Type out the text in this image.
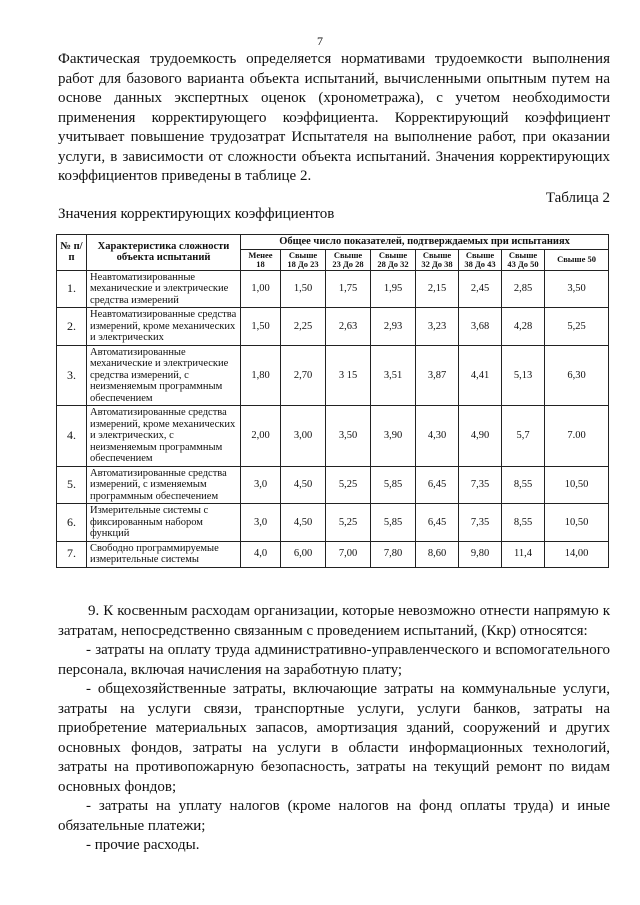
7

Фактическая трудоемкость определяется нормативами трудоемкости выполнения работ для базового варианта объекта испытаний, вычисленными опытным путем на основе данных экспертных оценок (хронометража), с учетом необходимости применения корректирующего коэффициента. Корректирующий коэффициент учитывает повышение трудозатрат Испытателя на выполнение работ, при оказании услуги, в зависимости от сложности объекта испытаний. Значения корректирующих коэффициентов приведены в таблице 2.

Таблица 2
Значения корректирующих коэффициентов
№ п/п	Характеристика сложности объекта испытаний	Общее число показателей, подтверждаемых при испытаниях							
		Менее 18	Свыше 18 До 23	Свыше 23 До 28	Свыше 28 До 32	Свыше 32 До 38	Свыше 38 До 43	Свыше 43 До 50	Свыше 50
1.	Неавтоматизированные механические и электрические средства измерений	1,00	1,50	1,75	1,95	2,15	2,45	2,85	3,50
2.	Неавтоматизированные средства измерений, кроме механических и электрических	1,50	2,25	2,63	2,93	3,23	3,68	4,28	5,25
3.	Автоматизированные механические и электрические средства измерений, с неизменяемым программным обеспечением	1,80	2,70	3 15	3,51	3,87	4,41	5,13	6,30
4.	Автоматизированные средства измерений, кроме механических и электрических, с неизменяемым программным обеспечением	2,00	3,00	3,50	3,90	4,30	4,90	5,7	7.00
5.	Автоматизированные средства измерений, с изменяемым программным обеспечением	3,0	4,50	5,25	5,85	6,45	7,35	8,55	10,50
6.	Измерительные системы с фиксированным набором функций	3,0	4,50	5,25	5,85	6,45	7,35	8,55	10,50
7.	Свободно программируемые измерительные системы	4,0	6,00	7,00	7,80	8,60	9,80	11,4	14,00

9. К косвенным расходам организации, которые невозможно отнести напрямую к затратам, непосредственно связанным с проведением испытаний, (Ккр) относятся:

- затраты на оплату труда административно-управленческого и вспомогательного персонала, включая начисления на заработную плату;

- общехозяйственные затраты, включающие затраты на коммунальные услуги, затраты на услуги связи, транспортные услуги, услуги банков, затраты на приобретение материальных запасов, амортизация зданий, сооружений и других основных фондов, затраты на услуги в области информационных технологий, затраты на противопожарную безопасность, затраты на текущий ремонт по видам основных фондов;

- затраты на уплату налогов (кроме налогов на фонд оплаты труда) и иные обязательные платежи;

- прочие расходы.
